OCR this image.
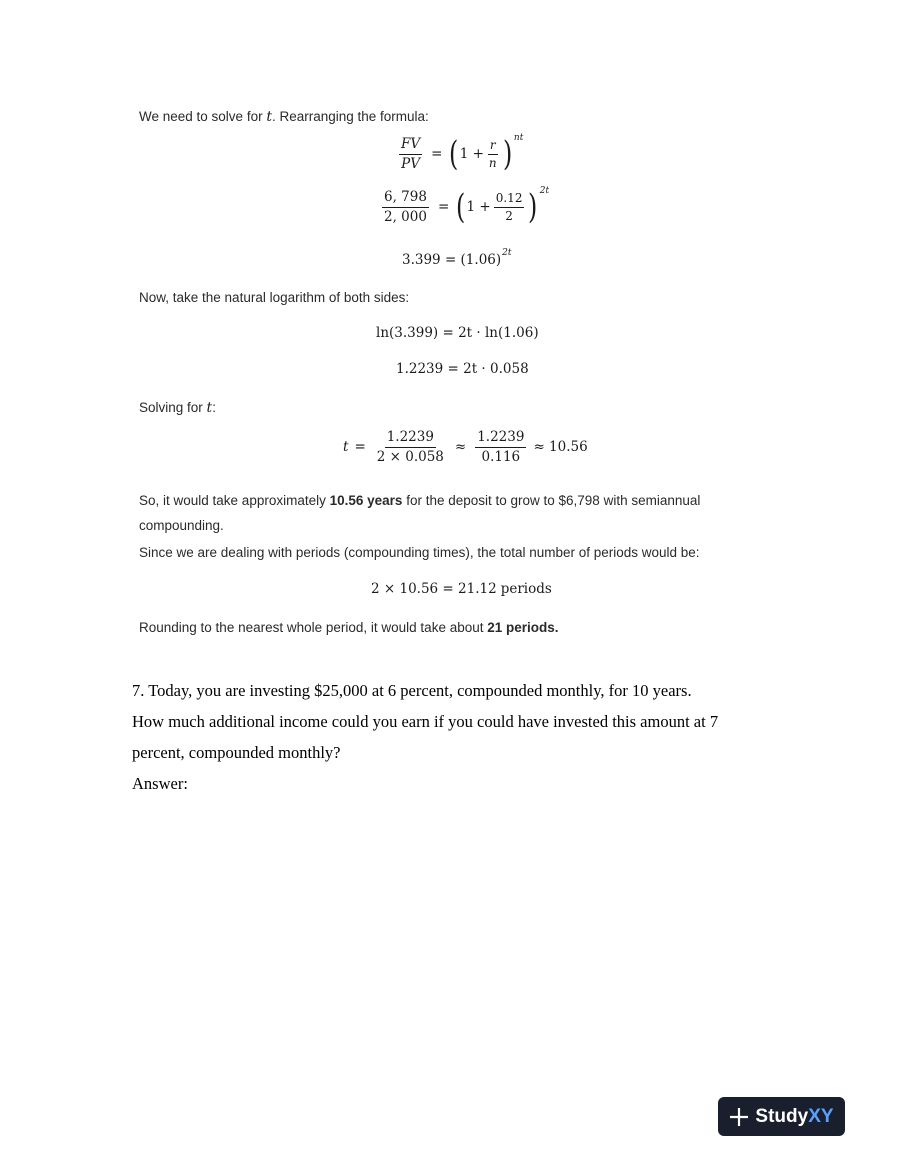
We need to solve for t. Rearranging the formula:
$\frac{FV}{PV}$ = ( $1 + \frac{r}{n}$ ) nt
$\frac{6, 798}{2, 000}$ = ( $1 + \frac{0.12}{2}$ ) 2t
3.399 = (1.06) 2t
Now, take the natural logarithm of both sides:
ln(3.399) = 2t · ln(1.06)
1.2239 = 2t · 0.058
Solving for t:
$t = \frac{1.2239}{2 \times 0.058} \approx \frac{1.2239}{0.116} \approx 10.56$
So, it would take approximately 10.56 years for the deposit to grow to $6,798 with semiannual
compounding.
Since we are dealing with periods (compounding times), the total number of periods would be:
2 × 10.56 = 21.12 periods
Rounding to the nearest whole period, it would take about 21 periods.
7. Today, you are investing $25,000 at 6 percent, compounded monthly, for 10 years.
How much additional income could you earn if you could have invested this amount at 7
percent, compounded monthly?
Answer:
StudyXY
